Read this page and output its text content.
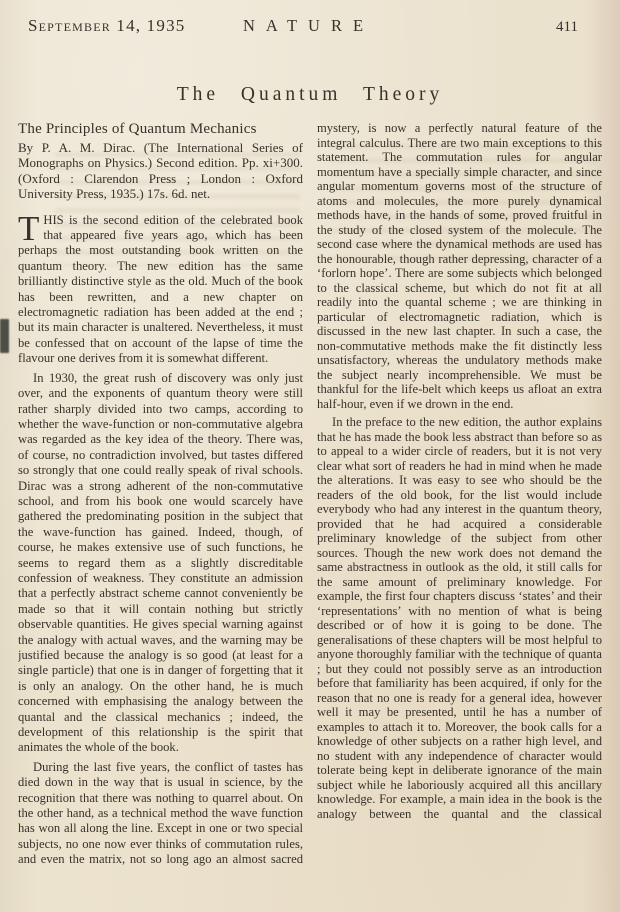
September 14, 1935	NATURE	411
The Quantum Theory
The Principles of Quantum Mechanics

By P. A. M. Dirac. (The International Series of Monographs on Physics.) Second edition. Pp. xi+300. (Oxford : Clarendon Press ; London : Oxford University Press, 1935.) 17s. 6d. net.

THIS is the second edition of the celebrated book that appeared five years ago, which has been perhaps the most outstanding book written on the quantum theory. The new edition has the same brilliantly distinctive style as the old. Much of the book has been rewritten, and a new chapter on electromagnetic radiation has been added at the end ; but its main character is unaltered. Nevertheless, it must be confessed that on account of the lapse of time the flavour one derives from it is somewhat different.

In 1930, the great rush of discovery was only just over, and the exponents of quantum theory were still rather sharply divided into two camps, according to whether the wave-function or non-commutative algebra was regarded as the key idea of the theory. There was, of course, no contradiction involved, but tastes differed so strongly that one could really speak of rival schools. Dirac was a strong adherent of the non-commutative school, and from his book one would scarcely have gathered the predominating position in the subject that the wave-function has gained. Indeed, though, of course, he makes extensive use of such functions, he seems to regard them as a slightly discreditable confession of weakness. They constitute an admission that a perfectly abstract scheme cannot conveniently be made so that it will contain nothing but strictly observable quantities. He gives special warning against the analogy with actual waves, and the warning may be justified because the analogy is so good (at least for a single particle) that one is in danger of forgetting that it is only an analogy. On the other hand, he is much concerned with emphasising the analogy between the quantal and the classical mechanics ; indeed, the development of this relationship is the spirit that animates the whole of the book.

During the last five years, the conflict of tastes has died down in the way that is usual in science, by the recognition that there was nothing to quarrel about. On the other hand, as a technical method the wave function has won all along the line. Except in one or two special subjects, no one now ever thinks of commutation rules, and even the matrix, not so long ago an almost sacred

mystery, is now a perfectly natural feature of the integral calculus. There are two main exceptions to this statement. The commutation rules for angular momentum have a specially simple character, and since angular momentum governs most of the structure of atoms and molecules, the more purely dynamical methods have, in the hands of some, proved fruitful in the study of the closed system of the molecule. The second case where the dynamical methods are used has the honourable, though rather depressing, character of a ‘forlorn hope’. There are some subjects which belonged to the classical scheme, but which do not fit at all readily into the quantal scheme ; we are thinking in particular of electromagnetic radiation, which is discussed in the new last chapter. In such a case, the non-commutative methods make the fit distinctly less unsatisfactory, whereas the undulatory methods make the subject nearly incomprehensible. We must be thankful for the life-belt which keeps us afloat an extra half-hour, even if we drown in the end.

In the preface to the new edition, the author explains that he has made the book less abstract than before so as to appeal to a wider circle of readers, but it is not very clear what sort of readers he had in mind when he made the alterations. It was easy to see who should be the readers of the old book, for the list would include everybody who had any interest in the quantum theory, provided that he had acquired a considerable preliminary knowledge of the subject from other sources. Though the new work does not demand the same abstractness in outlook as the old, it still calls for the same amount of preliminary knowledge. For example, the first four chapters discuss ‘states’ and their ‘representations’ with no mention of what is being described or of how it is going to be done. The generalisations of these chapters will be most helpful to anyone thoroughly familiar with the technique of quanta ; but they could not possibly serve as an introduction before that familiarity has been acquired, if only for the reason that no one is ready for a general idea, however well it may be presented, until he has a number of examples to attach it to. Moreover, the book calls for a knowledge of other subjects on a rather high level, and no student with any independence of character would tolerate being kept in deliberate ignorance of the main subject while he laboriously acquired all this ancillary knowledge. For example, a main idea in the book is the analogy between the quantal and the classical
